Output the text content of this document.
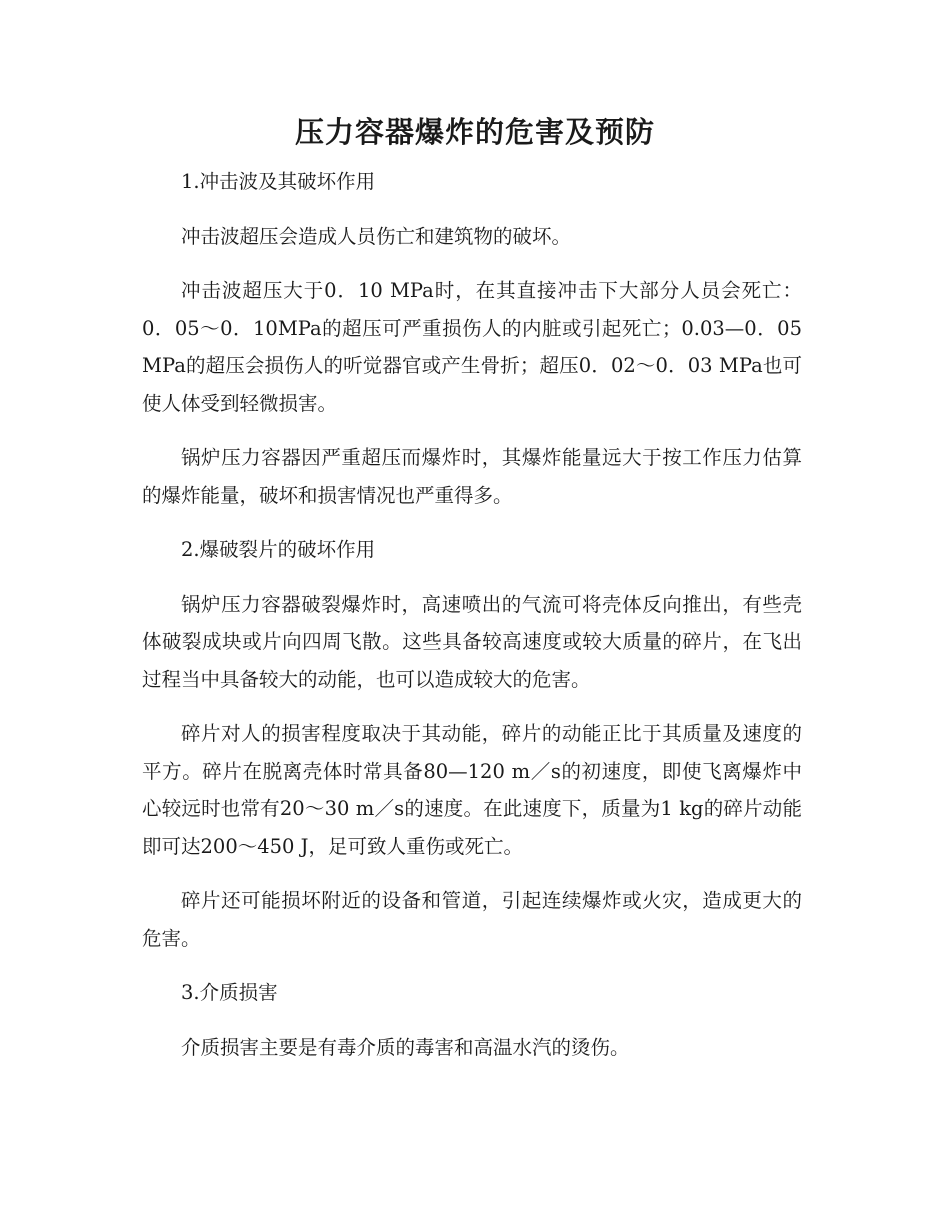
压力容器爆炸的危害及预防

1.冲击波及其破坏作用

冲击波超压会造成人员伤亡和建筑物的破坏。

冲击波超压大于0．10 MPa时，在其直接冲击下大部分人员会死亡：0．05～0．10MPa的超压可严重损伤人的内脏或引起死亡；0.03—0．05 MPa的超压会损伤人的听觉器官或产生骨折；超压0．02～0．03 MPa也可使人体受到轻微损害。

锅炉压力容器因严重超压而爆炸时，其爆炸能量远大于按工作压力估算的爆炸能量，破坏和损害情况也严重得多。

2.爆破裂片的破坏作用

锅炉压力容器破裂爆炸时，高速喷出的气流可将壳体反向推出，有些壳体破裂成块或片向四周飞散。这些具备较高速度或较大质量的碎片，在飞出过程当中具备较大的动能，也可以造成较大的危害。

碎片对人的损害程度取决于其动能，碎片的动能正比于其质量及速度的平方。碎片在脱离壳体时常具备80—120 m／s的初速度，即使飞离爆炸中心较远时也常有20～30 m／s的速度。在此速度下，质量为1 kg的碎片动能即可达200～450 J，足可致人重伤或死亡。

碎片还可能损坏附近的设备和管道，引起连续爆炸或火灾，造成更大的危害。

3.介质损害

介质损害主要是有毒介质的毒害和高温水汽的烫伤。
